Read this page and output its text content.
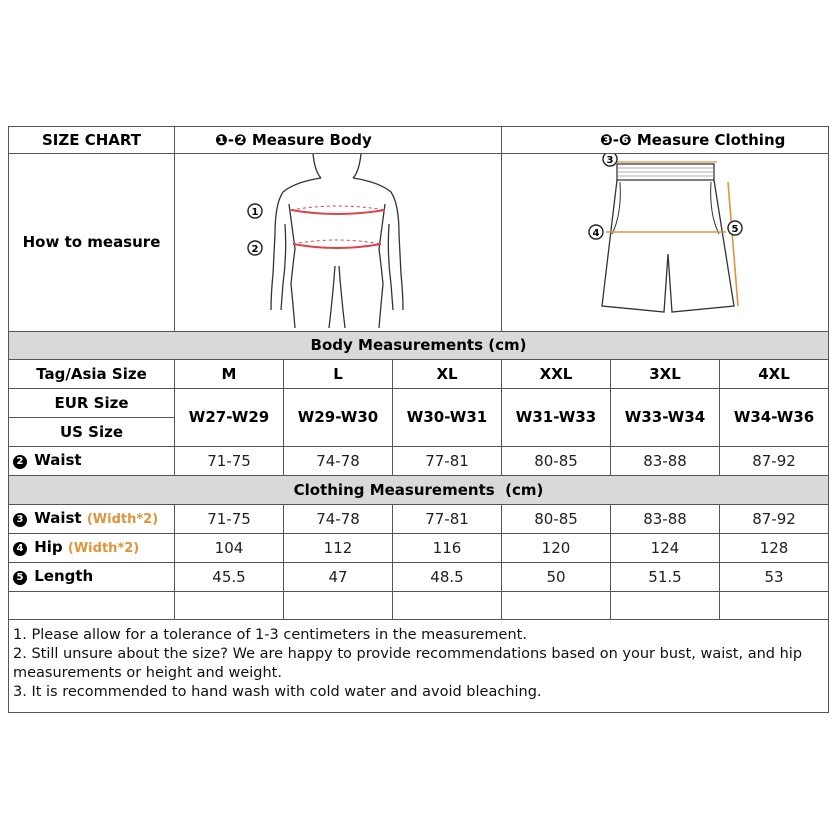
SIZE CHART	❶-❷ Measure Body			❸-❻ Measure Clothing		
How to measure	1
2			3
4 5		

Body Measurements (cm)						
Tag/Asia Size	M	L	XL	XXL	3XL	4XL
EUR Size	W27-W29	W29-W30	W30-W31	W31-W33	W33-W34	W34-W36
US Size						
2 Waist	71-75	74-78	77-81	80-85	83-88	87-92
Clothing Measurements  (cm)						
3 Waist (Width*2)	71-75	74-78	77-81	80-85	83-88	87-92
4 Hip (Width*2)	104	112	116	120	124	128
5 Length	45.5	47	48.5	50	51.5	53

1. Please allow for a tolerance of 1-3 centimeters in the measurement.
2. Still unsure about the size? We are happy to provide recommendations based on your bust, waist, and hip measurements or height and weight.
3. It is recommended to hand wash with cold water and avoid bleaching.						
